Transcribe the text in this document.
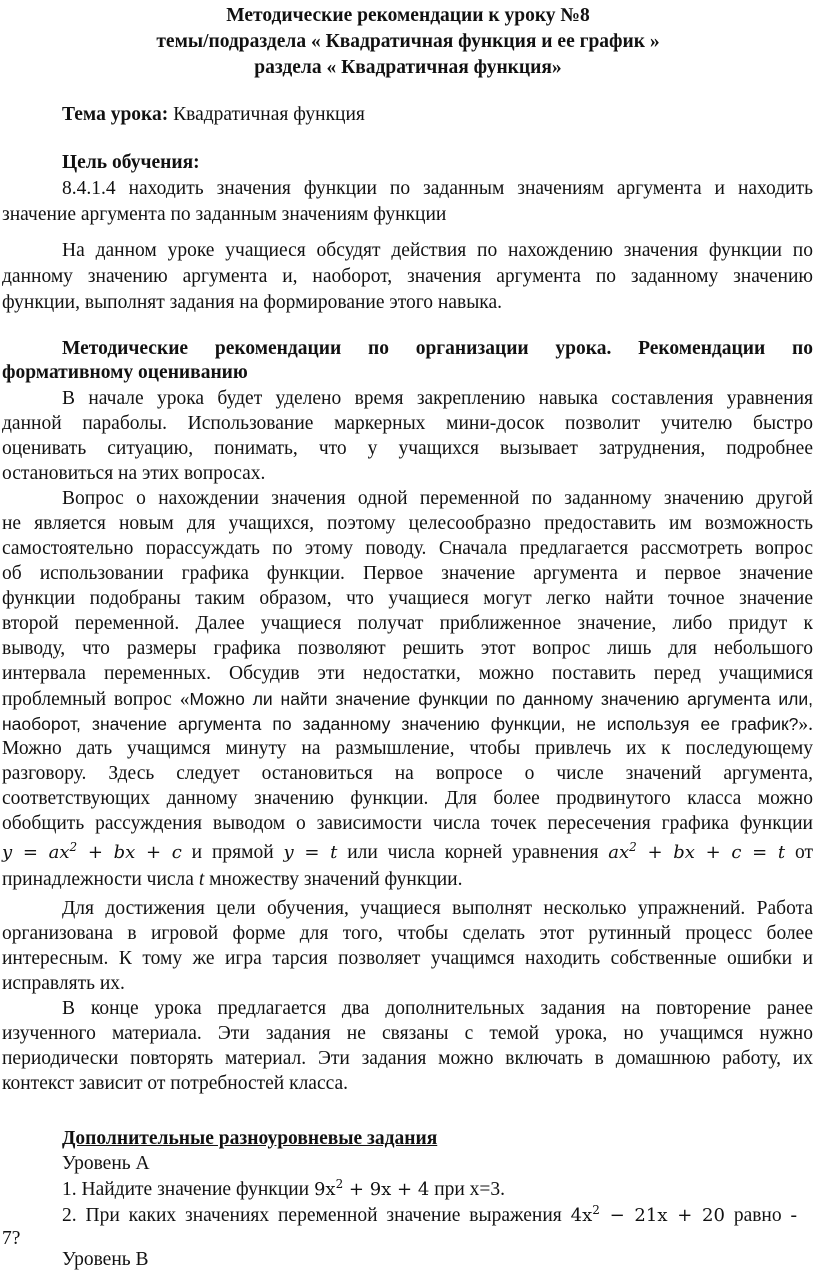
Методические рекомендации к уроку №8
темы/подраздела « Квадратичная функция и ее график »
раздела « Квадратичная функция»
Тема урока: Квадратичная функция
Цель обучения:
8.4.1.4 находить значения функции по заданным значениям аргумента и находить
значение аргумента по заданным значениям функции
На данном уроке учащиеся обсудят действия по нахождению значения функции по
данному значению аргумента и, наоборот, значения аргумента по заданному значению
функции, выполнят задания на формирование этого навыка.
Методические рекомендации по организации урока. Рекомендации по
формативному оцениванию
В начале урока будет уделено время закреплению навыка составления уравнения
данной параболы. Использование маркерных мини-досок позволит учителю быстро
оценивать ситуацию, понимать, что у учащихся вызывает затруднения, подробнее
остановиться на этих вопросах.
Вопрос о нахождении значения одной переменной по заданному значению другой
не является новым для учащихся, поэтому целесообразно предоставить им возможность
самостоятельно порассуждать по этому поводу. Сначала предлагается рассмотреть вопрос
об использовании графика функции. Первое значение аргумента и первое значение
функции подобраны таким образом, что учащиеся могут легко найти точное значение
второй переменной. Далее учащиеся получат приближенное значение, либо придут к
выводу, что размеры графика позволяют решить этот вопрос лишь для небольшого
интервала переменных. Обсудив эти недостатки, можно поставить перед учащимися
проблемный вопрос «Можно ли найти значение функции по данному значению аргумента или,
наоборот, значение аргумента по заданному значению функции, не используя ее график?».
Можно дать учащимся минуту на размышление, чтобы привлечь их к последующему
разговору. Здесь следует остановиться на вопросе о числе значений аргумента,
соответствующих данному значению функции. Для более продвинутого класса можно
обобщить рассуждения выводом о зависимости числа точек пересечения графика функции
$y = ax^2$ + bx + c и прямой y = t или числа корней уравнения $ax^2$ + bx + c = t от
принадлежности числа t множеству значений функции.
Для достижения цели обучения, учащиеся выполнят несколько упражнений. Работа
организована в игровой форме для того, чтобы сделать этот рутинный процесс более
интересным. К тому же игра тарсия позволяет учащимся находить собственные ошибки и
исправлять их.
В конце урока предлагается два дополнительных задания на повторение ранее
изученного материала. Эти задания не связаны с темой урока, но учащимся нужно
периодически повторять материал. Эти задания можно включать в домашнюю работу, их
контекст зависит от потребностей класса.
Дополнительные разноуровневые задания
Уровень A
1. Найдите значение функции $9x^2 + 9x + 4$ при x=3.
2. При каких значениях переменной значение выражения $4x^2 - 21x + 20$ равно -
7?
Уровень B
